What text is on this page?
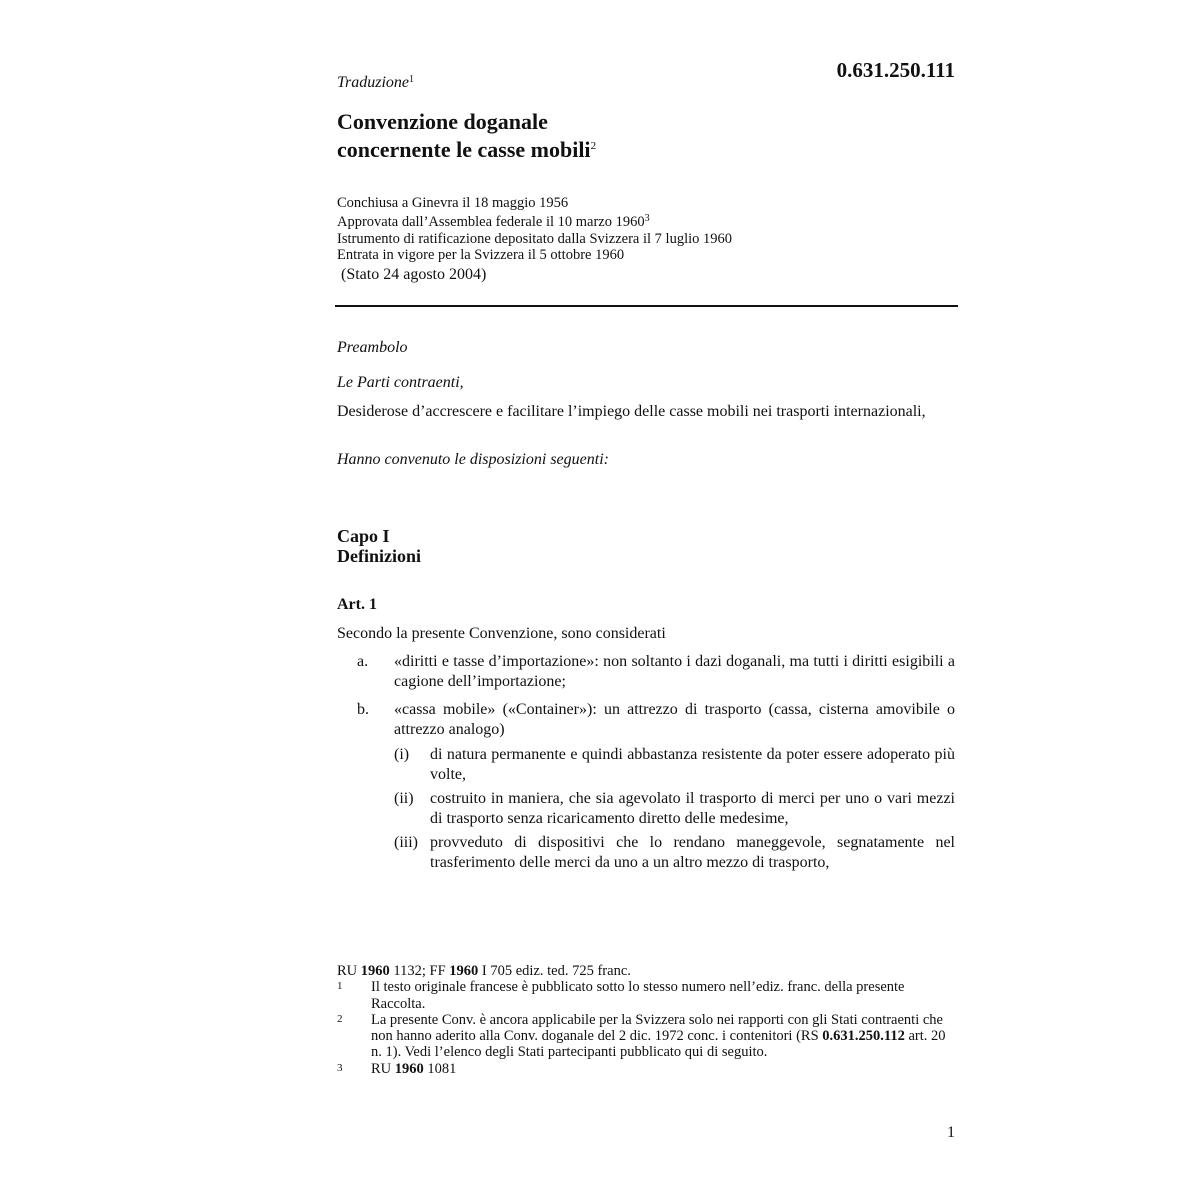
0.631.250.111
Traduzione$^1$
Convenzione doganale
concernente le casse mobili$^2$
Conchiusa a Ginevra il 18 maggio 1956
Approvata dall’Assemblea federale il 10 marzo 1960$^3$
Istrumento di ratificazione depositato dalla Svizzera il 7 luglio 1960
Entrata in vigore per la Svizzera il 5 ottobre 1960
(Stato 24 agosto 2004)
Preambolo
Le Parti contraenti,
Desiderose d’accrescere e facilitare l’impiego delle casse mobili nei trasporti internazionali,
Hanno convenuto le disposizioni seguenti:
Capo I
Definizioni
Art. 1
Secondo la presente Convenzione, sono considerati
a.	«diritti e tasse d’importazione»: non soltanto i dazi doganali, ma tutti i diritti esigibili a cagione dell’importazione;
b.	«cassa mobile» («Container»): un attrezzo di trasporto (cassa, cisterna amovibile o attrezzo analogo)
(i)	di natura permanente e quindi abbastanza resistente da poter essere adoperato più volte,
(ii)	costruito in maniera, che sia agevolato il trasporto di merci per uno o vari mezzi di trasporto senza ricaricamento diretto delle medesime,
(iii) provveduto di dispositivi che lo rendano maneggevole, segnatamente nel trasferimento delle merci da uno a un altro mezzo di trasporto,
RU 1960 1132; FF 1960 I 705 ediz. ted. 725 franc.
1	Il testo originale francese è pubblicato sotto lo stesso numero nell’ediz. franc. della presente Raccolta.
2	La presente Conv. è ancora applicabile per la Svizzera solo nei rapporti con gli Stati contraenti che non hanno aderito alla Conv. doganale del 2 dic. 1972 conc. i contenitori (RS 0.631.250.112 art. 20 n. 1). Vedi l’elenco degli Stati partecipanti pubblicato qui di seguito.
3	RU 1960 1081
1
